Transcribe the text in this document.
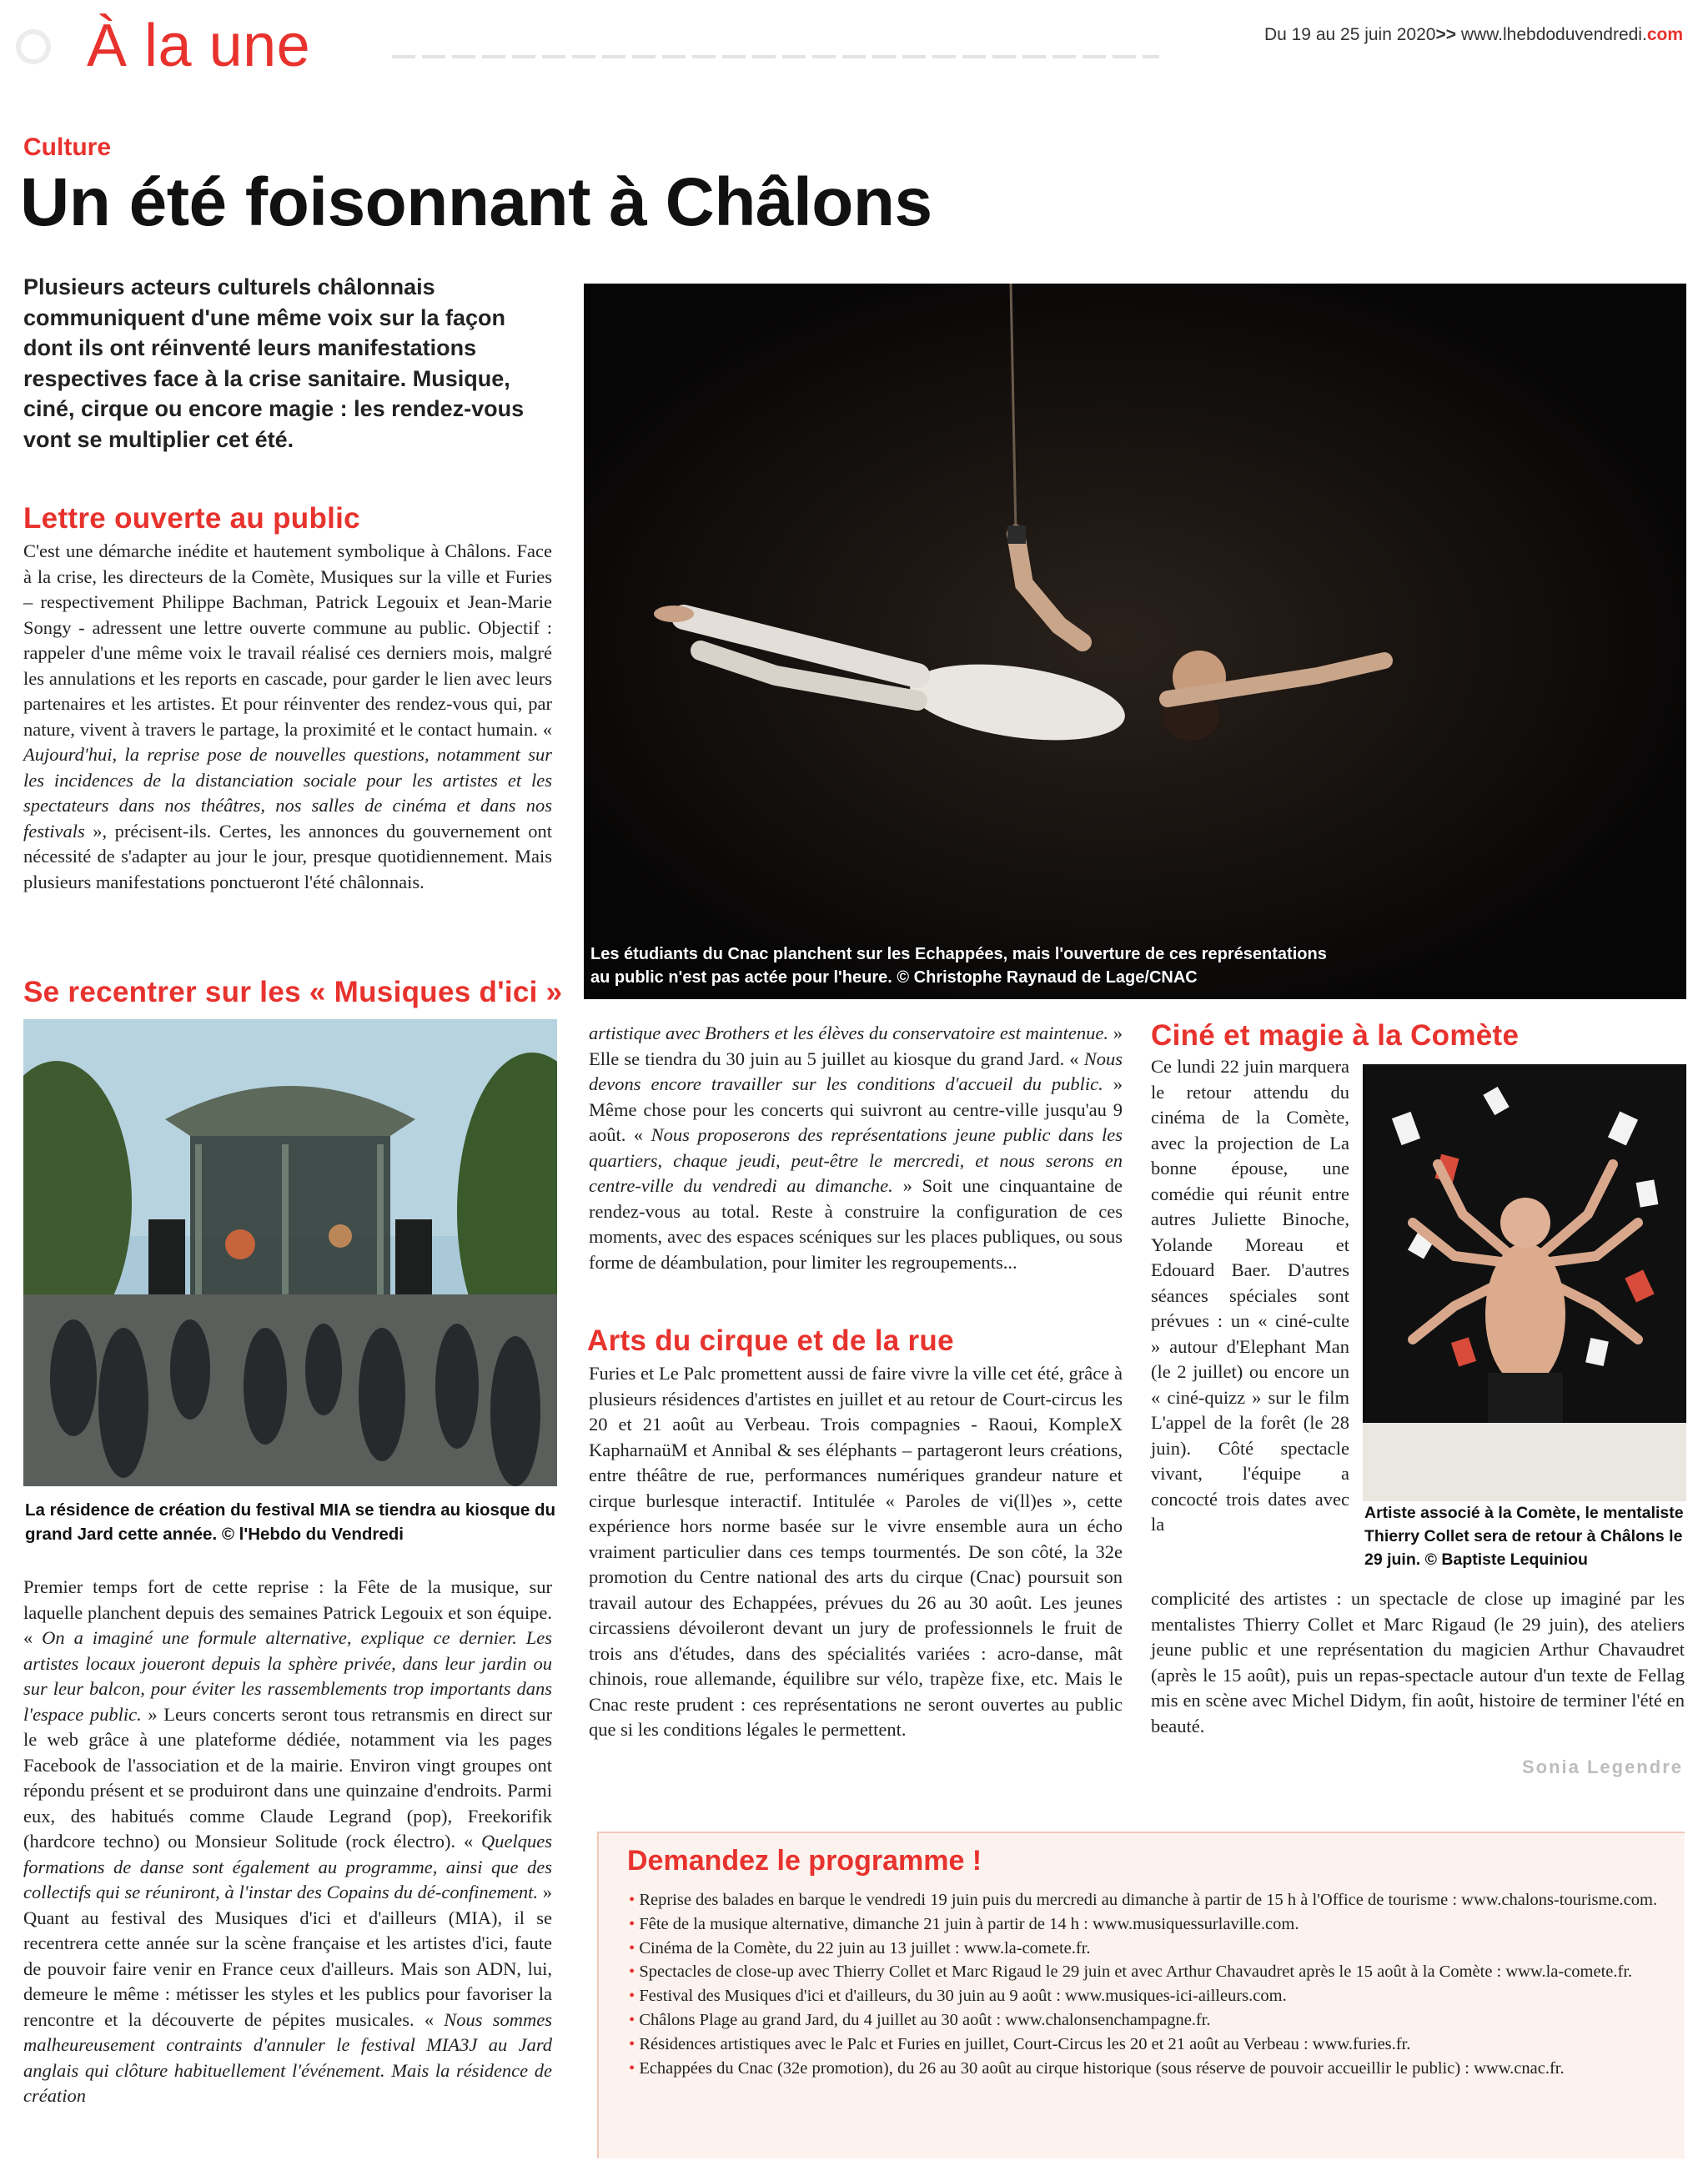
À la une	Du 19 au 25 juin 2020>> www.lhebdoduvendredi.com
Culture
Un été foisonnant à Châlons
Plusieurs acteurs culturels châlonnais communiquent d'une même voix sur la façon dont ils ont réinventé leurs manifestations respectives face à la crise sanitaire. Musique, ciné, cirque ou encore magie : les rendez-vous vont se multiplier cet été.
Lettre ouverte au public
C'est une démarche inédite et hautement symbolique à Châlons. Face à la crise, les directeurs de la Comète, Musiques sur la ville et Furies – respectivement Philippe Bachman, Patrick Legouix et Jean-Marie Songy - adressent une lettre ouverte commune au public. Objectif : rappeler d'une même voix le travail réalisé ces derniers mois, malgré les annulations et les reports en cascade, pour garder le lien avec leurs partenaires et les artistes. Et pour réinventer des rendez-vous qui, par nature, vivent à travers le partage, la proximité et le contact humain. « Aujourd'hui, la reprise pose de nouvelles questions, notamment sur les incidences de la distanciation sociale pour les artistes et les spectateurs dans nos théâtres, nos salles de cinéma et dans nos festivals », précisent-ils. Certes, les annonces du gouvernement ont nécessité de s'adapter au jour le jour, presque quotidiennement. Mais plusieurs manifestations ponctueront l'été châlonnais.
Les étudiants du Cnac planchent sur les Echappées, mais l'ouverture de ces représentations au public n'est pas actée pour l'heure. © Christophe Raynaud de Lage/CNAC
Se recentrer sur les « Musiques d'ici »
La résidence de création du festival MIA se tiendra au kiosque du grand Jard cette année. © l'Hebdo du Vendredi
Premier temps fort de cette reprise : la Fête de la musique, sur laquelle planchent depuis des semaines Patrick Legouix et son équipe. « On a imaginé une formule alternative, explique ce dernier. Les artistes locaux joueront depuis la sphère privée, dans leur jardin ou sur leur balcon, pour éviter les rassemblements trop importants dans l'espace public. » Leurs concerts seront tous retransmis en direct sur le web grâce à une plateforme dédiée, notamment via les pages Facebook de l'association et de la mairie. Environ vingt groupes ont répondu présent et se produiront dans une quinzaine d'endroits. Parmi eux, des habitués comme Claude Legrand (pop), Freekorifik (hardcore techno) ou Monsieur Solitude (rock électro). « Quelques formations de danse sont également au programme, ainsi que des collectifs qui se réuniront, à l'instar des Copains du dé-confinement. » Quant au festival des Musiques d'ici et d'ailleurs (MIA), il se recentrera cette année sur la scène française et les artistes d'ici, faute de pouvoir faire venir en France ceux d'ailleurs. Mais son ADN, lui, demeure le même : métisser les styles et les publics pour favoriser la rencontre et la découverte de pépites musicales. « Nous sommes malheureusement contraints d'annuler le festival MIA3J au Jard anglais qui clôture habituellement l'événement. Mais la résidence de création
artistique avec Brothers et les élèves du conservatoire est maintenue. » Elle se tiendra du 30 juin au 5 juillet au kiosque du grand Jard. « Nous devons encore travailler sur les conditions d'accueil du public. » Même chose pour les concerts qui suivront au centre-ville jusqu'au 9 août. « Nous proposerons des représentations jeune public dans les quartiers, chaque jeudi, peut-être le mercredi, et nous serons en centre-ville du vendredi au dimanche. » Soit une cinquantaine de rendez-vous au total. Reste à construire la configuration de ces moments, avec des espaces scéniques sur les places publiques, ou sous forme de déambulation, pour limiter les regroupements...
Arts du cirque et de la rue
Furies et Le Palc promettent aussi de faire vivre la ville cet été, grâce à plusieurs résidences d'artistes en juillet et au retour de Court-circus les 20 et 21 août au Verbeau. Trois compagnies - Raoui, KompleX KapharnaüM et Annibal & ses éléphants – partageront leurs créations, entre théâtre de rue, performances numériques grandeur nature et cirque burlesque interactif. Intitulée « Paroles de vi(ll)es », cette expérience hors norme basée sur le vivre ensemble aura un écho vraiment particulier dans ces temps tourmentés. De son côté, la 32e promotion du Centre national des arts du cirque (Cnac) poursuit son travail autour des Echappées, prévues du 26 au 30 août. Les jeunes circassiens dévoileront devant un jury de professionnels le fruit de trois ans d'études, dans des spécialités variées : acro-danse, mât chinois, roue allemande, équilibre sur vélo, trapèze fixe, etc. Mais le Cnac reste prudent : ces représentations ne seront ouvertes au public que si les conditions légales le permettent.
Ciné et magie à la Comète
Ce lundi 22 juin marquera le retour attendu du cinéma de la Comète, avec la projection de La bonne épouse, une comédie qui réunit entre autres Juliette Binoche, Yolande Moreau et Edouard Baer. D'autres séances spéciales sont prévues : un « ciné-culte » autour d'Elephant Man (le 2 juillet) ou encore un « ciné-quizz » sur le film L'appel de la forêt (le 28 juin). Côté spectacle vivant, l'équipe a concocté trois dates avec la
Artiste associé à la Comète, le mentaliste Thierry Collet sera de retour à Châlons le 29 juin. © Baptiste Lequiniou
complicité des artistes : un spectacle de close up imaginé par les mentalistes Thierry Collet et Marc Rigaud (le 29 juin), des ateliers jeune public et une représentation du magicien Arthur Chavaudret (après le 15 août), puis un repas-spectacle autour d'un texte de Fellag mis en scène avec Michel Didym, fin août, histoire de terminer l'été en beauté.
Sonia Legendre
Demandez le programme !
• Reprise des balades en barque le vendredi 19 juin puis du mercredi au dimanche à partir de 15 h à l'Office de tourisme : www.chalons-tourisme.com.
• Fête de la musique alternative, dimanche 21 juin à partir de 14 h : www.musiquessurlaville.com.
• Cinéma de la Comète, du 22 juin au 13 juillet : www.la-comete.fr.
• Spectacles de close-up avec Thierry Collet et Marc Rigaud le 29 juin et avec Arthur Chavaudret après le 15 août à la Comète : www.la-comete.fr.
• Festival des Musiques d'ici et d'ailleurs, du 30 juin au 9 août : www.musiques-ici-ailleurs.com.
• Châlons Plage au grand Jard, du 4 juillet au 30 août : www.chalonsenchampagne.fr.
• Résidences artistiques avec le Palc et Furies en juillet, Court-Circus les 20 et 21 août au Verbeau : www.furies.fr.
• Echappées du Cnac (32e promotion), du 26 au 30 août au cirque historique (sous réserve de pouvoir accueillir le public) : www.cnac.fr.
